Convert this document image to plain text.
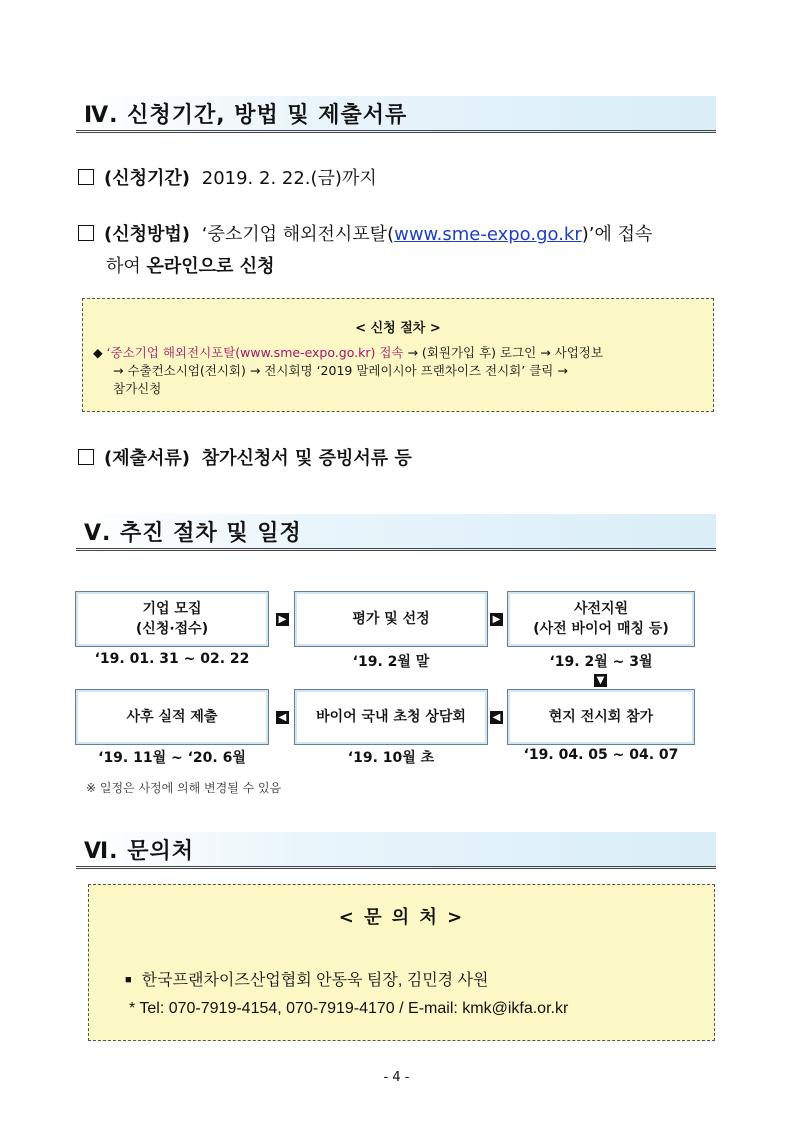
Ⅳ. 신청기간, 방법 및 제출서류
(신청기간) 2019. 2. 22.(금)까지
(신청방법) ‘중소기업 해외전시포탈(www.sme-expo.go.kr)’에 접속
하여 온라인으로 신청
< 신청 절차 >
◆ ‘중소기업 해외전시포탈(www.sme-expo.go.kr) 접속 → (회원가입 후) 로그인 → 사업정보
→ 수출컨소시엄(전시회) → 전시회명 ‘2019 말레이시아 프랜차이즈 전시회’ 클릭 →
참가신청
(제출서류) 참가신청서 및 증빙서류 등
Ⅴ. 추진 절차 및 일정
기업 모집
(신청·접수)
▶	평가 및 선정	▶
사전지원
(사전 바이어 매칭 등)
‘19. 01. 31 ~ 02. 22	‘19. 2월 말	‘19. 2월 ~ 3월
▼
사후 실적 제출	◀ 바이어 국내 초청 상담회	◀	현지 전시회 참가
‘19. 11월 ~ ‘20. 6월	‘19. 10월 초	‘19. 04. 05 ~ 04. 07
※ 일정은 사정에 의해 변경될 수 있음
Ⅵ. 문의처
< 문 의 처 >
■ 한국프랜차이즈산업협회 안동욱 팀장, 김민경 사원
* Tel: 070-7919-4154, 070-7919-4170 / E-mail: kmk@ikfa.or.kr
- 4 -
